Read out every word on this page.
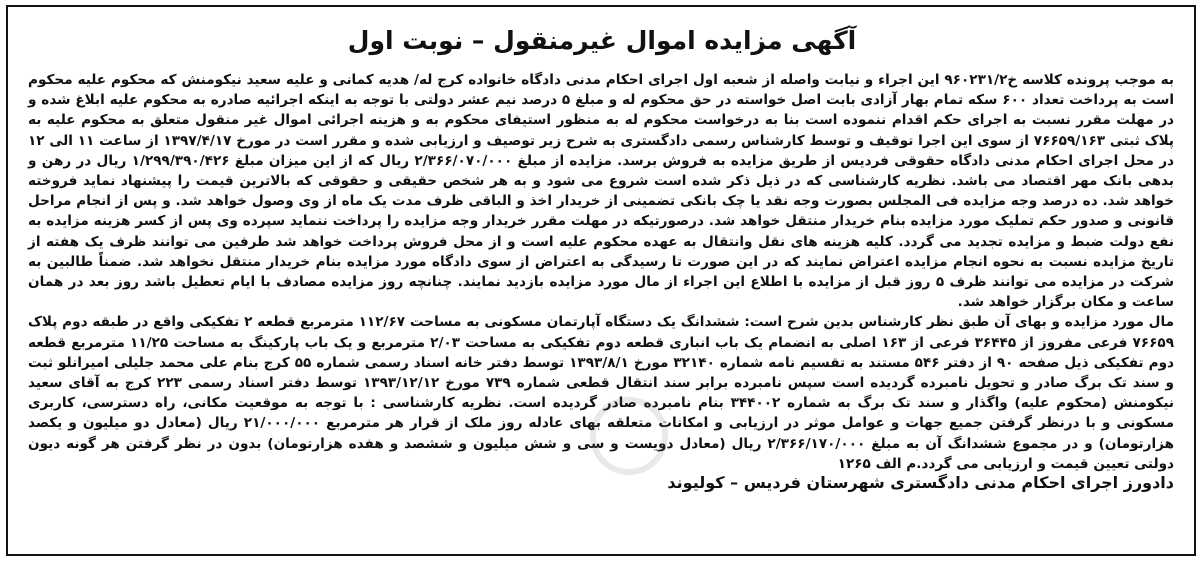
آگهی مزایده اموال غیرمنقول – نوبت اول

به موجب پرونده کلاسه خ۹۶۰۲۳۱/۲ این اجراء و نیابت واصله از شعبه اول اجرای احکام مدنی دادگاه خانواده کرج له/ هدیه کمانی و علیه سعید نیکومنش که محکوم علیه محکوم است به پرداخت تعداد ۶۰۰ سکه تمام بهار آزادی بابت اصل خواسته در حق محکوم له و مبلغ ۵ درصد نیم عشر دولتی با توجه به اینکه اجرائیه صادره به محکوم علیه ابلاغ شده و در مهلت مقرر نسبت به اجرای حکم اقدام ننموده است بنا به درخواست محکوم له به منظور استیفای محکوم به و هزینه اجرائی اموال غیر منقول متعلق به محکوم علیه به پلاک ثبتی ۷۶۶۵۹/۱۶۳ از سوی این اجرا توقیف و توسط کارشناس رسمی دادگستری به شرح زیر توصیف و ارزیابی شده و مقرر است در مورخ ۱۳۹۷/۴/۱۷ از ساعت ۱۱ الی ۱۲ در محل اجرای احکام مدنی دادگاه حقوقی فردیس از طریق مزایده به فروش برسد. مزایده از مبلغ ۲/۳۶۶/۰۷۰/۰۰۰ ریال که از این میزان مبلغ ۱/۲۹۹/۳۹۰/۴۲۶ ریال در رهن و بدهی بانک مهر اقتصاد می باشد. نظریه کارشناسی که در ذیل ذکر شده است شروع می شود و به هر شخص حقیقی و حقوقی که بالاترین قیمت را پیشنهاد نماید فروخته خواهد شد. ده درصد وجه مزایده فی المجلس بصورت وجه نقد یا چک بانکی تضمینی از خریدار اخذ و الباقی ظرف مدت یک ماه از وی وصول خواهد شد. و پس از انجام مراحل قانونی و صدور حکم تملیک مورد مزایده بنام خریدار منتقل خواهد شد. درصورتیکه در مهلت مقرر خریدار وجه مزایده را پرداخت ننماید سپرده وی پس از کسر هزینه مزایده به نفع دولت ضبط و مزایده تجدید می گردد. کلیه هزینه های نقل وانتقال به عهده محکوم علیه است و از محل فروش پرداخت خواهد شد طرفین می توانند ظرف یک هفته از تاریخ مزایده نسبت به نحوه انجام مزایده اعتراض نمایند که در این صورت تا رسیدگی به اعتراض از سوی دادگاه مورد مزایده بنام خریدار منتقل نخواهد شد. ضمناً طالبین به شرکت در مزایده می توانند ظرف ۵ روز قبل از مزایده با اطلاع این اجراء از مال مورد مزایده بازدید نمایند. چنانچه روز مزایده مصادف با ایام تعطیل باشد روز بعد در همان ساعت و مکان برگزار خواهد شد.

مال مورد مزایده و بهای آن طبق نظر کارشناس بدین شرح است: ششدانگ یک دستگاه آپارتمان مسکونی به مساحت ۱۱۲/۶۷ مترمربع قطعه ۲ تفکیکی واقع در طبقه دوم پلاک ۷۶۶۵۹ فرعی مفروز از ۳۶۴۴۵ فرعی از ۱۶۳ اصلی به انضمام یک باب انباری قطعه دوم تفکیکی به مساحت ۲/۰۳ مترمربع و یک باب پارکینگ به مساحت ۱۱/۲۵ مترمربع قطعه دوم تفکیکی ذیل صفحه ۹۰ از دفتر ۵۴۶ مستند به تقسیم نامه شماره ۳۲۱۴۰ مورخ ۱۳۹۳/۸/۱ توسط دفتر خانه اسناد رسمی شماره ۵۵ کرج بنام علی محمد جلیلی امیرانلو ثبت و سند تک برگ صادر و تحویل نامبرده گردیده است سپس نامبرده برابر سند انتقال قطعی شماره ۷۳۹ مورخ ۱۳۹۳/۱۲/۱۲ توسط دفتر اسناد رسمی ۲۲۳ کرج به آقای سعید نیکومنش (محکوم علیه) واگذار و سند تک برگ به شماره ۳۴۴۰۰۲ بنام نامبرده صادر گردیده است. نظریه کارشناسی : با توجه به موقعیت مکانی، راه دسترسی، کاربری مسکونی و با درنظر گرفتن جمیع جهات و عوامل موثر در ارزیابی و امکانات متعلقه بهای عادله روز ملک از قرار هر مترمربع ۲۱/۰۰۰/۰۰۰ ریال (معادل دو میلیون و یکصد هزارتومان) و در مجموع ششدانگ آن به مبلغ ۲/۳۶۶/۱۷۰/۰۰۰ ریال (معادل دویست و سی و شش میلیون و ششصد و هفده هزارتومان) بدون در نظر گرفتن هر گونه دیون دولتی تعیین قیمت و ارزیابی می گردد.م الف ۱۲۶۵

دادورز اجرای احکام مدنی دادگستری شهرستان فردیس – کولیوند
